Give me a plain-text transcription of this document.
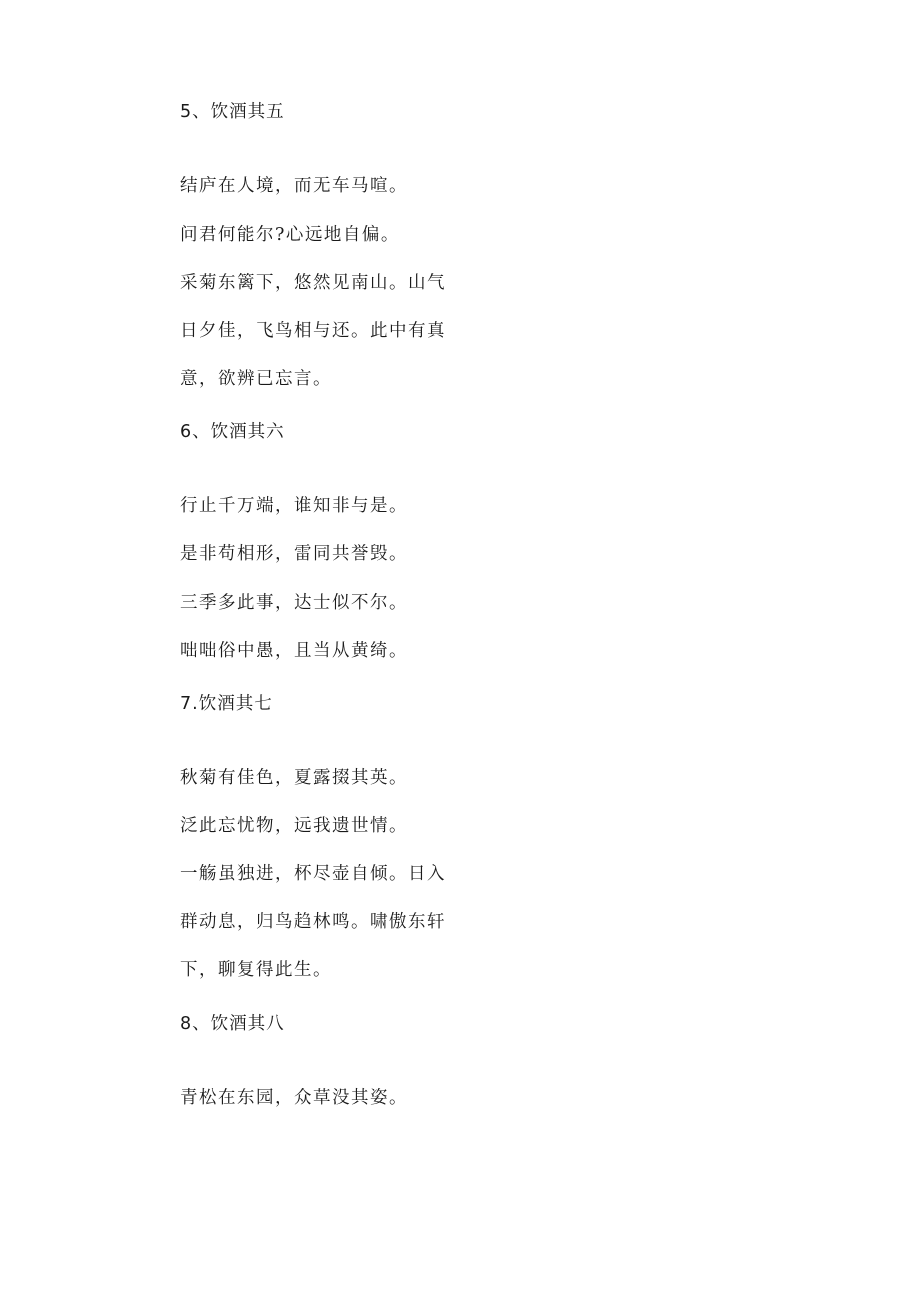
5、饮酒其五
结庐在人境，而无车马喧。
问君何能尔?心远地自偏。
采菊东篱下，悠然见南山。山气
日夕佳，飞鸟相与还。此中有真
意，欲辨已忘言。
6、饮酒其六
行止千万端，谁知非与是。
是非苟相形，雷同共誉毁。
三季多此事，达士似不尔。
咄咄俗中愚，且当从黄绮。
7.饮酒其七
秋菊有佳色，夏露掇其英。
泛此忘忧物，远我遗世情。
一觞虽独进，杯尽壶自倾。日入
群动息，归鸟趋林鸣。啸傲东轩
下，聊复得此生。
8、饮酒其八
青松在东园，众草没其姿。
